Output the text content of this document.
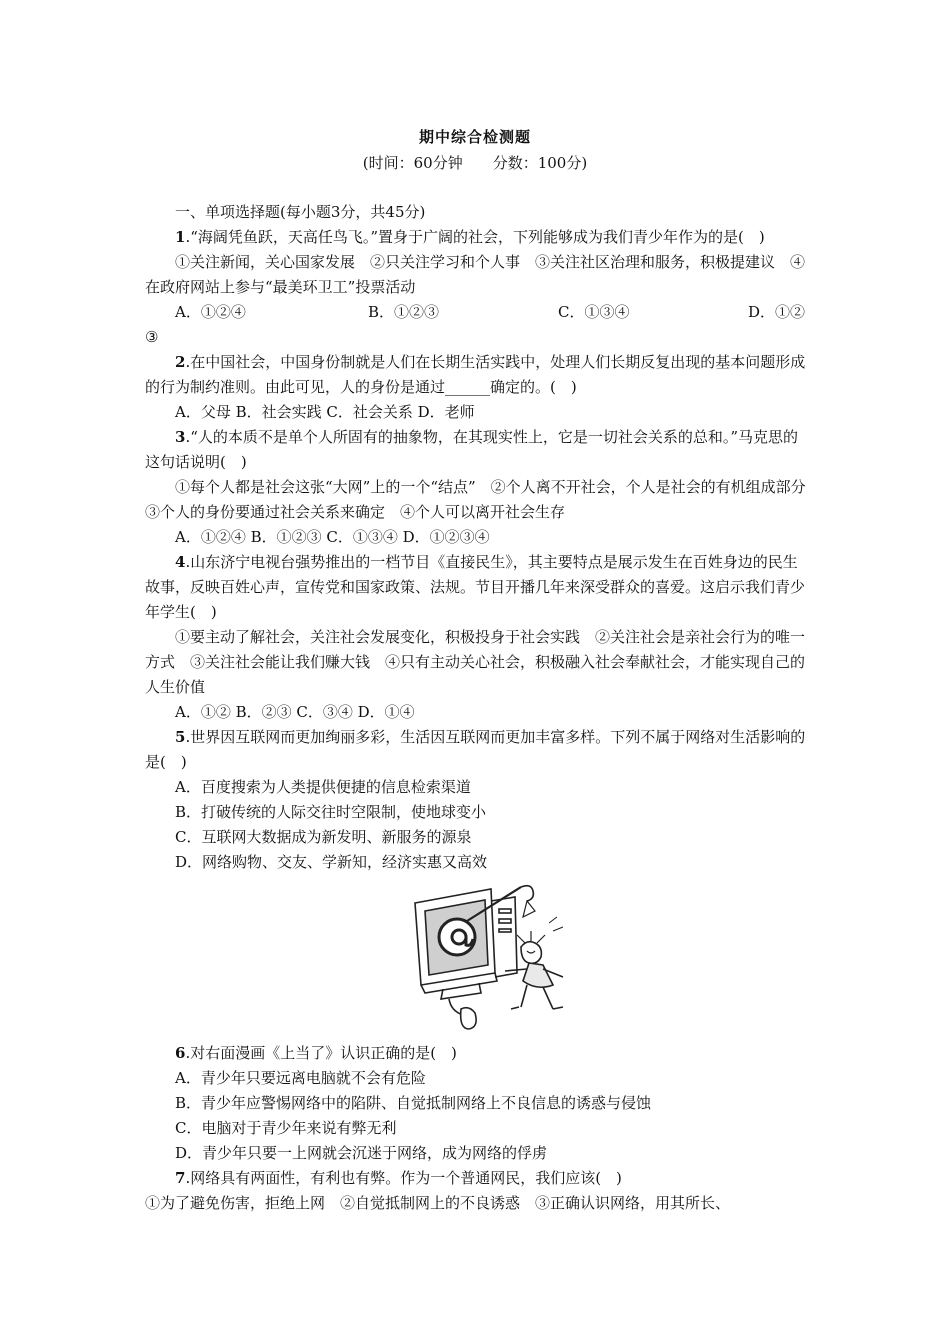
期中综合检测题
(时间：60分钟　　分数：100分)

一、单项选择题(每小题3分，共45分)

1.“海阔凭鱼跃，天高任鸟飞。”置身于广阔的社会，下列能够成为我们青少年作为的是(　)

①关注新闻，关心国家发展　②只关注学习和个人事　③关注社区治理和服务，积极提建议　④在政府网站上参与“最美环卫工”投票活动

A．①②④	B．①②③	C．①③④	D．①②

③

2.在中国社会，中国身份制就是人们在长期生活实践中，处理人们长期反复出现的基本问题形成的行为制约准则。由此可见，人的身份是通过______确定的。(　)

A．父母 B．社会实践 C．社会关系 D．老师

3.“人的本质不是单个人所固有的抽象物，在其现实性上，它是一切社会关系的总和。”马克思的这句话说明(　)

①每个人都是社会这张“大网”上的一个“结点”　②个人离不开社会，个人是社会的有机组成部分　③个人的身份要通过社会关系来确定　④个人可以离开社会生存

A．①②④ B．①②③ C．①③④ D．①②③④

4.山东济宁电视台强势推出的一档节目《直接民生》，其主要特点是展示发生在百姓身边的民生故事，反映百姓心声，宣传党和国家政策、法规。节目开播几年来深受群众的喜爱。这启示我们青少年学生(　)

①要主动了解社会，关注社会发展变化，积极投身于社会实践　②关注社会是亲社会行为的唯一方式　③关注社会能让我们赚大钱　④只有主动关心社会，积极融入社会奉献社会，才能实现自己的人生价值

A．①② B．②③ C．③④ D．①④

5.世界因互联网而更加绚丽多彩，生活因互联网而更加丰富多样。下列不属于网络对生活影响的是(　)

A．百度搜索为人类提供便捷的信息检索渠道

B．打破传统的人际交往时空限制，使地球变小

C．互联网大数据成为新发明、新服务的源泉

D．网络购物、交友、学新知，经济实惠又高效

6.对右面漫画《上当了》认识正确的是(　)

A．青少年只要远离电脑就不会有危险

B．青少年应警惕网络中的陷阱、自觉抵制网络上不良信息的诱惑与侵蚀

C．电脑对于青少年来说有弊无利

D．青少年只要一上网就会沉迷于网络，成为网络的俘虏

7.网络具有两面性，有利也有弊。作为一个普通网民，我们应该(　)

①为了避免伤害，拒绝上网　②自觉抵制网上的不良诱惑　③正确认识网络，用其所长、
